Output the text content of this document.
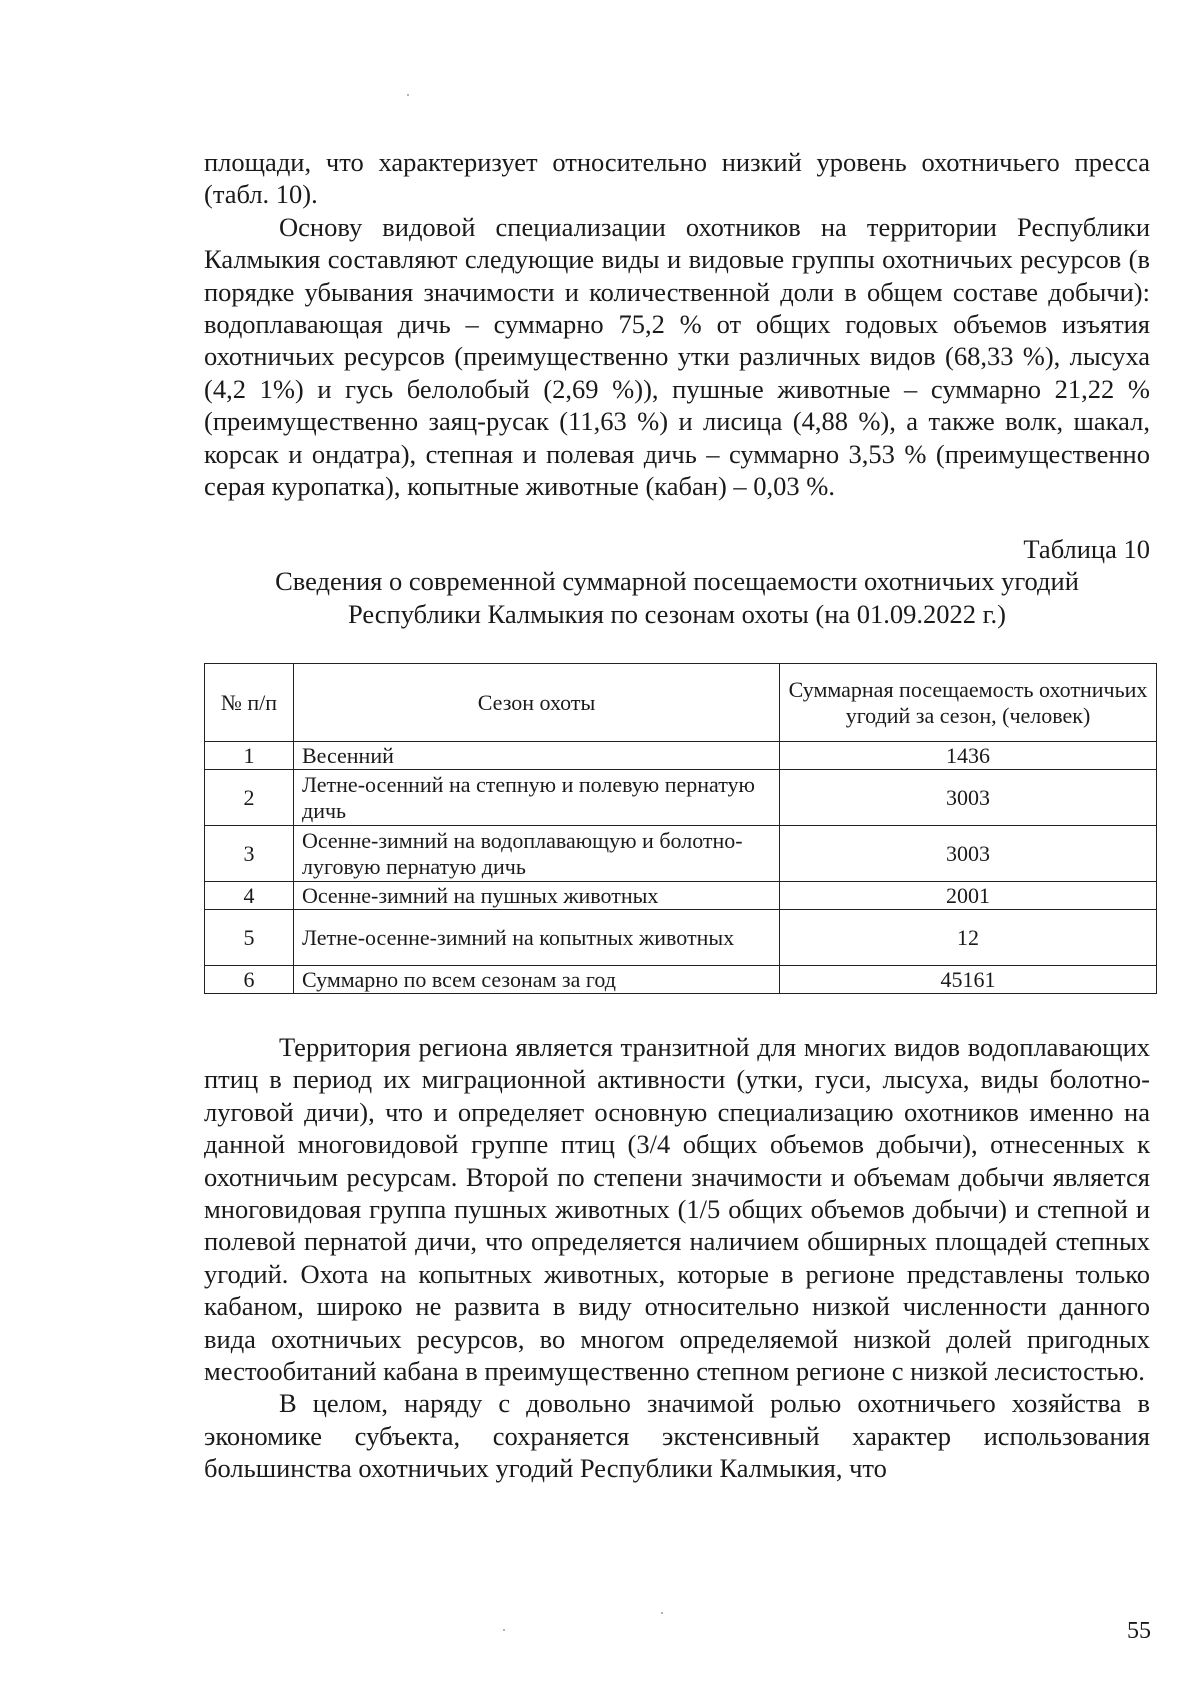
площади, что характеризует относительно низкий уровень охотничьего пресса (табл. 10).

Основу видовой специализации охотников на территории Республики Калмыкия составляют следующие виды и видовые группы охотничьих ресурсов (в порядке убывания значимости и количественной доли в общем составе добычи): водоплавающая дичь – суммарно 75,2 % от общих годовых объемов изъятия охотничьих ресурсов (преимущественно утки различных видов (68,33 %), лысуха (4,2 1%) и гусь белолобый (2,69 %)), пушные животные – суммарно 21,22 % (преимущественно заяц-русак (11,63 %) и лисица (4,88 %), а также волк, шакал, корсак и ондатра), степная и полевая дичь – суммарно 3,53 % (преимущественно серая куропатка), копытные животные (кабан) – 0,03 %.

Таблица 10
Сведения о современной суммарной посещаемости охотничьих угодий
Республики Калмыкия по сезонам охоты (на 01.09.2022 г.)
№ п/п	Сезон охоты	Суммарная посещаемость охотничьих угодий за сезон, (человек)
1	Весенний	1436
2	Летне-осенний на степную и полевую пернатую дичь	3003
3	Осенне-зимний на водоплавающую и болотно-луговую пернатую дичь	3003
4	Осенне-зимний на пушных животных	2001
5	Летне-осенне-зимний на копытных животных	12
6	Суммарно по всем сезонам за год	45161

Территория региона является транзитной для многих видов водоплавающих птиц в период их миграционной активности (утки, гуси, лысуха, виды болотно-луговой дичи), что и определяет основную специализацию охотников именно на данной многовидовой группе птиц (3/4 общих объемов добычи), отнесенных к охотничьим ресурсам. Второй по степени значимости и объемам добычи является многовидовая группа пушных животных (1/5 общих объемов добычи) и степной и полевой пернатой дичи, что определяется наличием обширных площадей степных угодий. Охота на копытных животных, которые в регионе представлены только кабаном, широко не развита в виду относительно низкой численности данного вида охотничьих ресурсов, во многом определяемой низкой долей пригодных местообитаний кабана в преимущественно степном регионе с низкой лесистостью.

В целом, наряду с довольно значимой ролью охотничьего хозяйства в экономике субъекта, сохраняется экстенсивный характер использования большинства охотничьих угодий Республики Калмыкия, что

55
